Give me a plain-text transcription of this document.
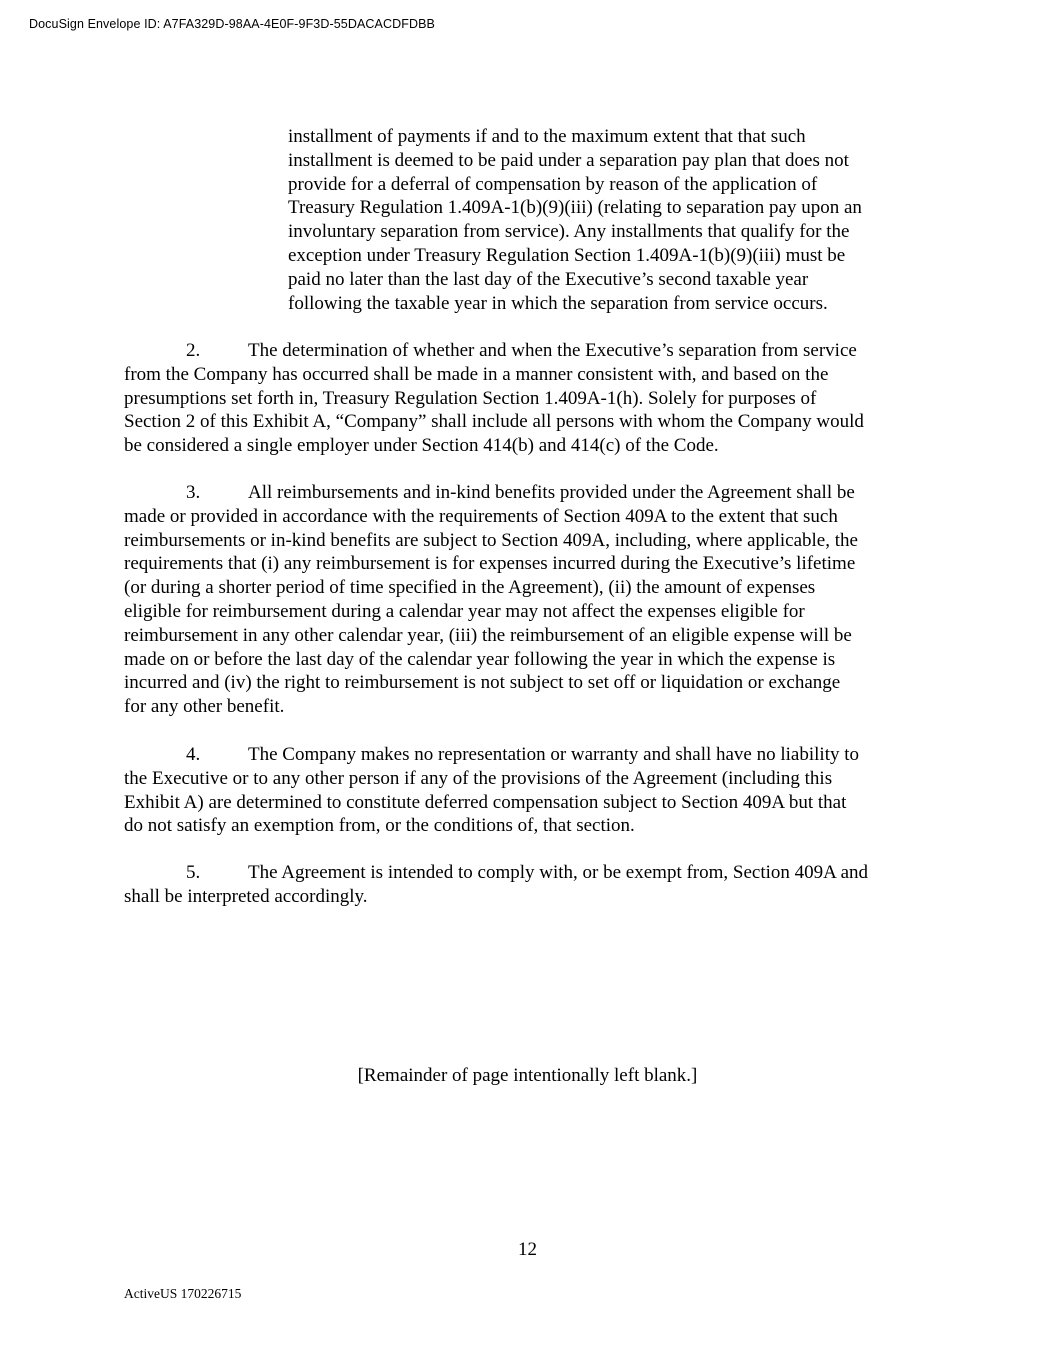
DocuSign Envelope ID: A7FA329D-98AA-4E0F-9F3D-55DACACDFDBB
installment of payments if and to the maximum extent that that such
installment is deemed to be paid under a separation pay plan that does not
provide for a deferral of compensation by reason of the application of
Treasury Regulation 1.409A-1(b)(9)(iii) (relating to separation pay upon an
involuntary separation from service). Any installments that qualify for the
exception under Treasury Regulation Section 1.409A-1(b)(9)(iii) must be
paid no later than the last day of the Executive’s second taxable year
following the taxable year in which the separation from service occurs.
2.	The determination of whether and when the Executive’s separation from service
from the Company has occurred shall be made in a manner consistent with, and based on the
presumptions set forth in, Treasury Regulation Section 1.409A-1(h). Solely for purposes of
Section 2 of this Exhibit A, “Company” shall include all persons with whom the Company would
be considered a single employer under Section 414(b) and 414(c) of the Code.
3.	All reimbursements and in-kind benefits provided under the Agreement shall be
made or provided in accordance with the requirements of Section 409A to the extent that such
reimbursements or in-kind benefits are subject to Section 409A, including, where applicable, the
requirements that (i) any reimbursement is for expenses incurred during the Executive’s lifetime
(or during a shorter period of time specified in the Agreement), (ii) the amount of expenses
eligible for reimbursement during a calendar year may not affect the expenses eligible for
reimbursement in any other calendar year, (iii) the reimbursement of an eligible expense will be
made on or before the last day of the calendar year following the year in which the expense is
incurred and (iv) the right to reimbursement is not subject to set off or liquidation or exchange
for any other benefit.
4.	The Company makes no representation or warranty and shall have no liability to
the Executive or to any other person if any of the provisions of the Agreement (including this
Exhibit A) are determined to constitute deferred compensation subject to Section 409A but that
do not satisfy an exemption from, or the conditions of, that section.
5.	The Agreement is intended to comply with, or be exempt from, Section 409A and
shall be interpreted accordingly.
[Remainder of page intentionally left blank.]
12
ActiveUS 170226715
